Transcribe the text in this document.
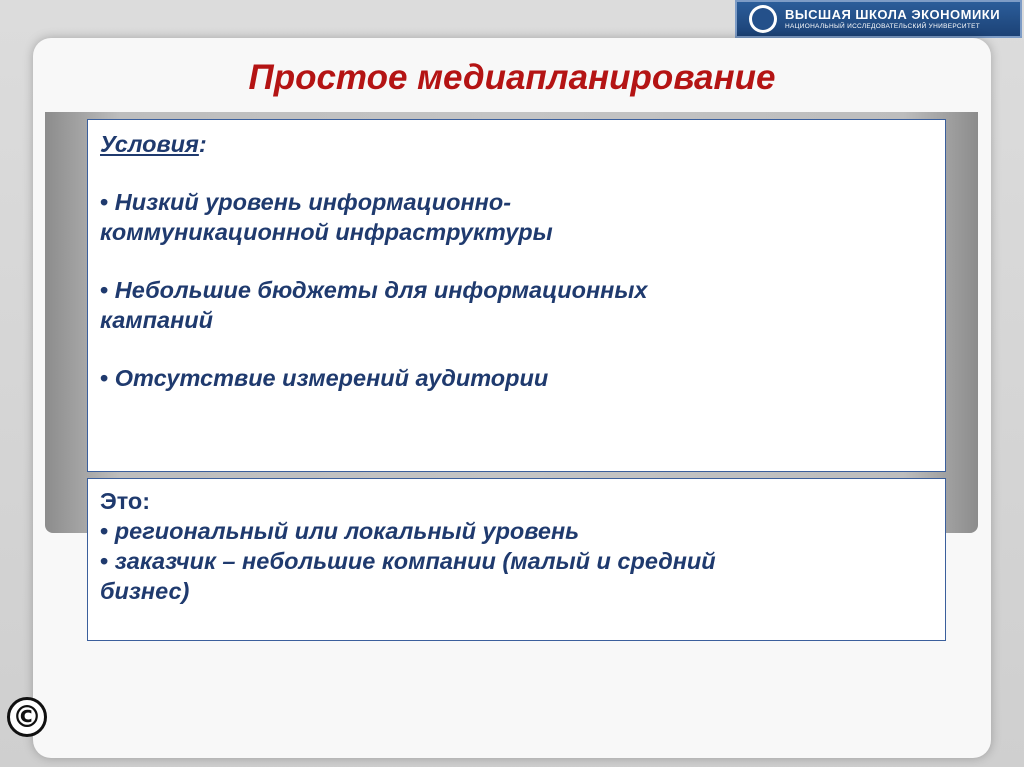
ВЫСШАЯ ШКОЛА ЭКОНОМИКИ
НАЦИОНАЛЬНЫЙ ИССЛЕДОВАТЕЛЬСКИЙ УНИВЕРСИТЕТ
Простое медиапланирование
Условия:
• Низкий уровень информационно-
коммуникационной инфраструктуры
• Небольшие бюджеты для информационных
кампаний
• Отсутствие измерений аудитории
Это:
• региональный или локальный уровень
• заказчик – небольшие компании (малый и средний
бизнес)
©
